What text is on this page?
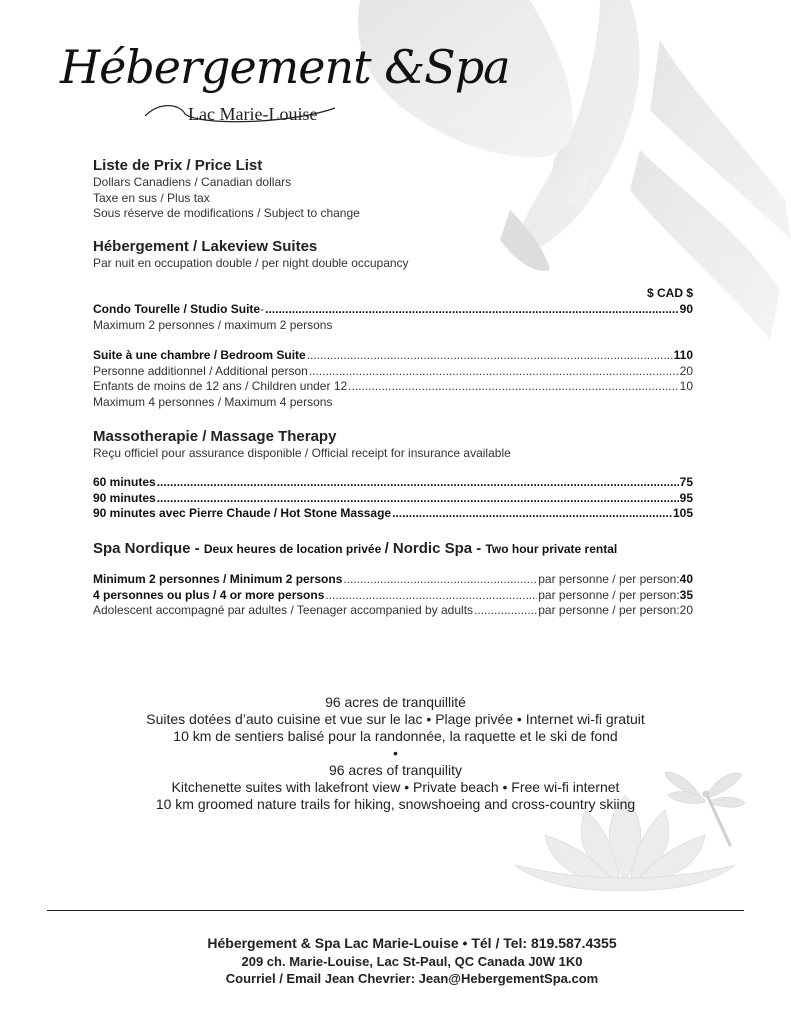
Hébergement &Spa
Lac Marie-Louise
Liste de Prix / Price List
Dollars Canadiens / Canadian dollars
Taxe en sus / Plus tax
Sous réserve de modifications / Subject to change
Hébergement / Lakeview Suites
Par nuit en occupation double / per night double occupancy
$ CAD $
Condo Tourelle / Studio Suite - .....	90
Maximum 2 personnes / maximum 2 persons
Suite à une chambre / Bedroom Suite .....	110
Personne additionnel / Additional person .....	20
Enfants de moins de 12 ans / Children under 12 .....	10
Maximum 4 personnes / Maximum 4 persons
Massotherapie / Massage Therapy
Reçu officiel pour assurance disponible / Official receipt for insurance available
60 minutes .....	75
90 minutes .....	95
90 minutes avec Pierre Chaude / Hot Stone Massage .....	105
Spa Nordique - Deux heures de location privée / Nordic Spa - Two hour private rental
Minimum 2 personnes / Minimum 2 persons .....	par personne / per person: 40
4 personnes ou plus / 4 or more persons .....	par personne / per person: 35
Adolescent accompagné par adultes / Teenager accompanied by adults .....	par personne / per person: 20
96 acres de tranquillité
Suites dotées d’auto cuisine et vue sur le lac • Plage privée • Internet wi-fi gratuit
10 km de sentiers balisé pour la randonnée, la raquette et le ski de fond
•
96 acres of tranquility
Kitchenette suites with lakefront view • Private beach • Free wi-fi internet
10 km groomed nature trails for hiking, snowshoeing and cross-country skiing
Hébergement & Spa Lac Marie-Louise • Tél / Tel: 819.587.4355
209 ch. Marie-Louise, Lac St-Paul, QC Canada J0W 1K0
Courriel / Email Jean Chevrier: Jean@HebergementSpa.com
